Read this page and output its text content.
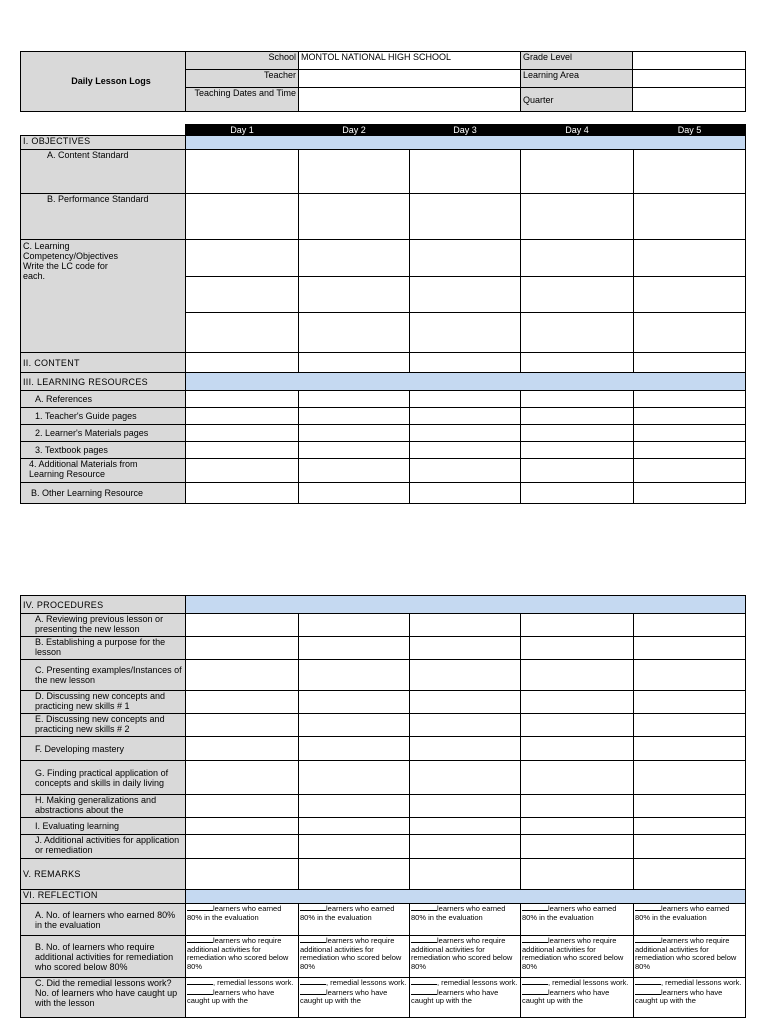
Daily Lesson Logs	School	MONTOL NATIONAL HIGH SCHOOL	Grade Level	
	Teacher		Learning Area	
	Teaching Dates and Time		Quarter	
	Day 1	Day 2	Day 3	Day 4	Day 5
I. OBJECTIVES					
A. Content Standard					
B. Performance Standard					

C. Learning Competency/Objectives Write the LC code for each.					

II. CONTENT					
III. LEARNING RESOURCES					
A. References					
1. Teacher's Guide pages					
2. Learner's Materials pages					
3. Textbook pages					

4. Additional Materials from Learning Resource					

B. Other Learning Resource					
IV. PROCEDURES					
A. Reviewing previous lesson or presenting the new lesson					
B. Establishing a purpose for the lesson					
C. Presenting examples/Instances of the new lesson					
D. Discussing new concepts and practicing new skills # 1					
E. Discussing new concepts and practicing new skills # 2					
F. Developing mastery					
G. Finding practical application of concepts and skills in daily living					
H. Making generalizations and abstractions about the					
I. Evaluating learning					
J. Additional activities for application or remediation					
V. REMARKS					
VI. REFLECTION					
A. No. of learners who earned 80% in the evaluation	learners who earned 80% in the evaluation	learners who earned 80% in the evaluation	learners who earned 80% in the evaluation	learners who earned 80% in the evaluation	learners who earned 80% in the evaluation
B. No. of learners who require additional activities for remediation who scored below 80%	learners who require additional activities for remediation who scored below 80%	learners who require additional activities for remediation who scored below 80%	learners who require additional activities for remediation who scored below 80%	learners who require additional activities for remediation who scored below 80%	learners who require additional activities for remediation who scored below 80%
C. Did the remedial lessons work? No. of learners who have caught up with the lesson	, remedial lessons work.learners who have caught up with the	, remedial lessons work.learners who have caught up with the	, remedial lessons work.learners who have caught up with the	, remedial lessons work.learners who have caught up with the	, remedial lessons work.learners who have caught up with the
